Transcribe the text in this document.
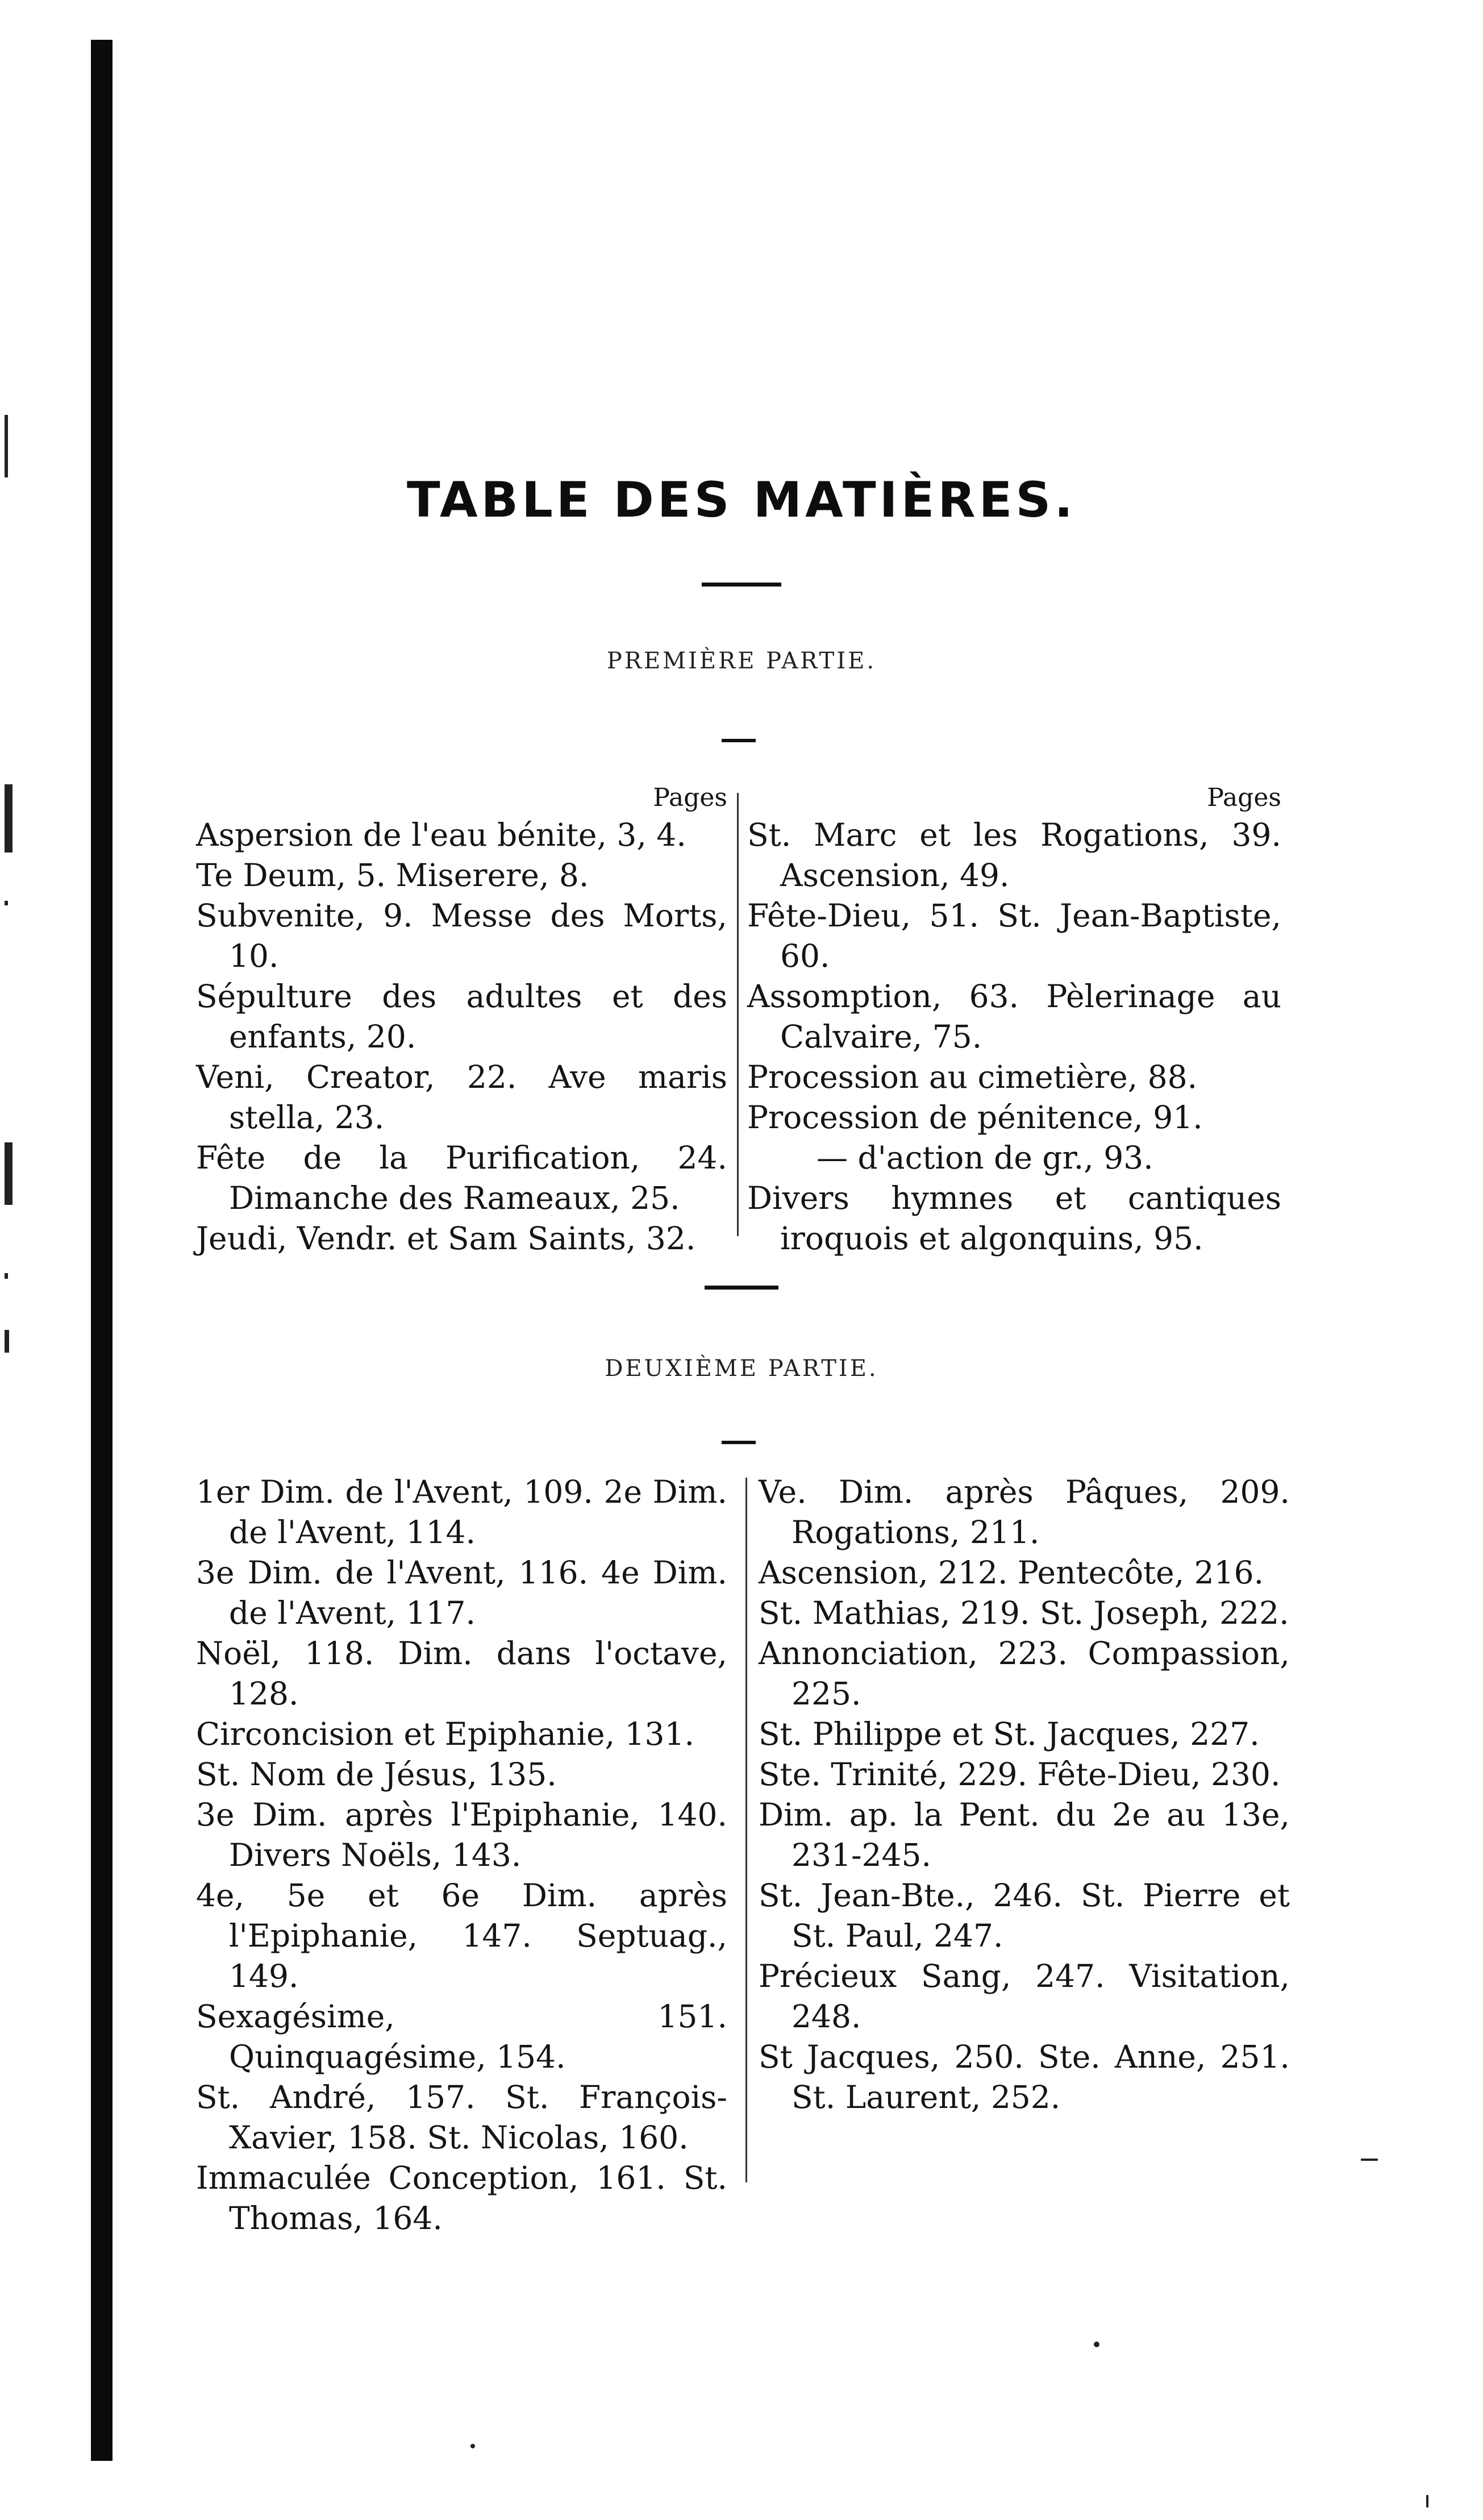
TABLE DES MATIÈRES.
PREMIÈRE PARTIE.
Pages
Aspersion de l'eau bénite, 3, 4.
Te Deum, 5. Miserere, 8.
Subvenite, 9. Messe des Morts, 10.
Sépulture des adultes et des enfants, 20.
Veni, Creator, 22. Ave maris stella, 23.
Fête de la Purification, 24. Dimanche des Rameaux, 25.
Jeudi, Vendr. et Sam Saints, 32.
Pages
St. Marc et les Rogations, 39. Ascension, 49.
Fête-Dieu, 51. St. Jean-Baptiste, 60.
Assomption, 63. Pèlerinage au Calvaire, 75.
Procession au cimetière, 88.
Procession de pénitence, 91.
— d'action de gr., 93.
Divers hymnes et cantiques iroquois et algonquins, 95.
DEUXIÈME PARTIE.
1er Dim. de l'Avent, 109. 2e Dim. de l'Avent, 114.
3e Dim. de l'Avent, 116. 4e Dim. de l'Avent, 117.
Noël, 118. Dim. dans l'octave, 128.
Circoncision et Epiphanie, 131.
St. Nom de Jésus, 135.
3e Dim. après l'Epiphanie, 140. Divers Noëls, 143.
4e, 5e et 6e Dim. après l'Epiphanie, 147. Septuag., 149.
Sexagésime, 151. Quinquagésime, 154.
St. André, 157. St. François-Xavier, 158. St. Nicolas, 160.
Immaculée Conception, 161. St. Thomas, 164.
Ve. Dim. après Pâques, 209. Rogations, 211.
Ascension, 212. Pentecôte, 216.
St. Mathias, 219. St. Joseph, 222.
Annonciation, 223. Compassion, 225.
St. Philippe et St. Jacques, 227.
Ste. Trinité, 229. Fête-Dieu, 230.
Dim. ap. la Pent. du 2e au 13e, 231-245.
St. Jean-Bte., 246. St. Pierre et St. Paul, 247.
Précieux Sang, 247. Visitation, 248.
St Jacques, 250. Ste. Anne, 251. St. Laurent, 252.
